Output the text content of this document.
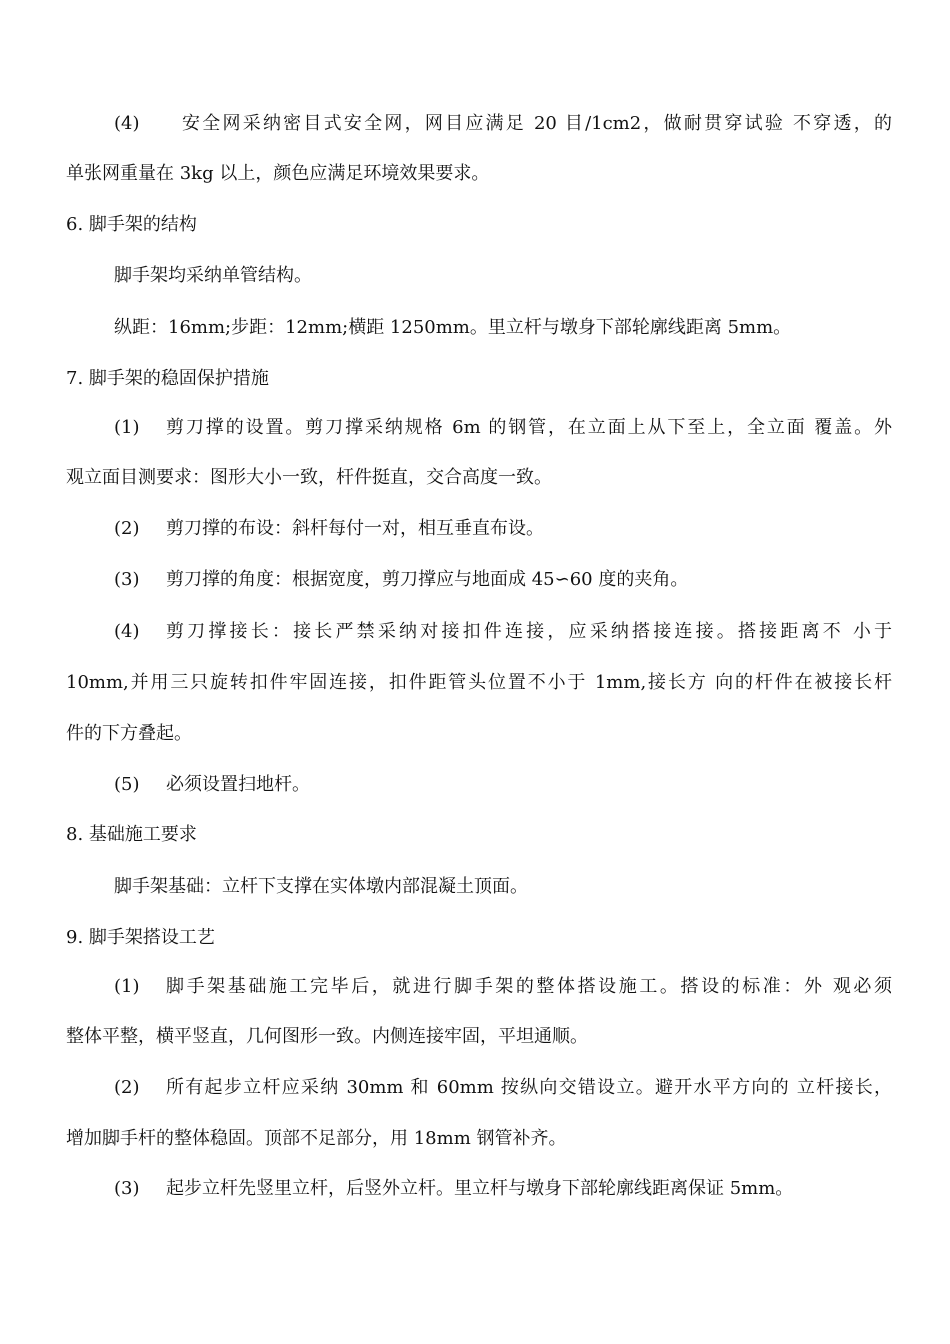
(4) 安全网采纳密目式安全网，网目应满足 20 目/1cm2，做耐贯穿试验 不穿透，的
单张网重量在 3kg 以上，颜色应满足环境效果要求。
6. 脚手架的结构
脚手架均采纳单管结构。
纵距：16mm;步距：12mm;横距 1250mm。里立杆与墩身下部轮廓线距离 5mm。
7. 脚手架的稳固保护措施
(1) 剪刀撑的设置。剪刀撑采纳规格 6m 的钢管，在立面上从下至上，全立面 覆盖。外
观立面目测要求：图形大小一致，杆件挺直，交合高度一致。
(2) 剪刀撑的布设：斜杆每付一对，相互垂直布设。
(3) 剪刀撑的角度：根据宽度，剪刀撑应与地面成 45∽60 度的夹角。
(4) 剪刀撑接长：接长严禁采纳对接扣件连接，应采纳搭接连接。搭接距离不 小于
10mm,并用三只旋转扣件牢固连接，扣件距管头位置不小于 1mm,接长方 向的杆件在被接长杆
件的下方叠起。
(5) 必须设置扫地杆。
8. 基础施工要求
脚手架基础：立杆下支撑在实体墩内部混凝土顶面。
9. 脚手架搭设工艺
(1) 脚手架基础施工完毕后，就进行脚手架的整体搭设施工。搭设的标准：外 观必须
整体平整，横平竖直，几何图形一致。内侧连接牢固，平坦通顺。
(2) 所有起步立杆应采纳 30mm 和 60mm 按纵向交错设立。避开水平方向的 立杆接长，
增加脚手杆的整体稳固。顶部不足部分，用 18mm 钢管补齐。
(3) 起步立杆先竖里立杆，后竖外立杆。里立杆与墩身下部轮廓线距离保证 5mm。
